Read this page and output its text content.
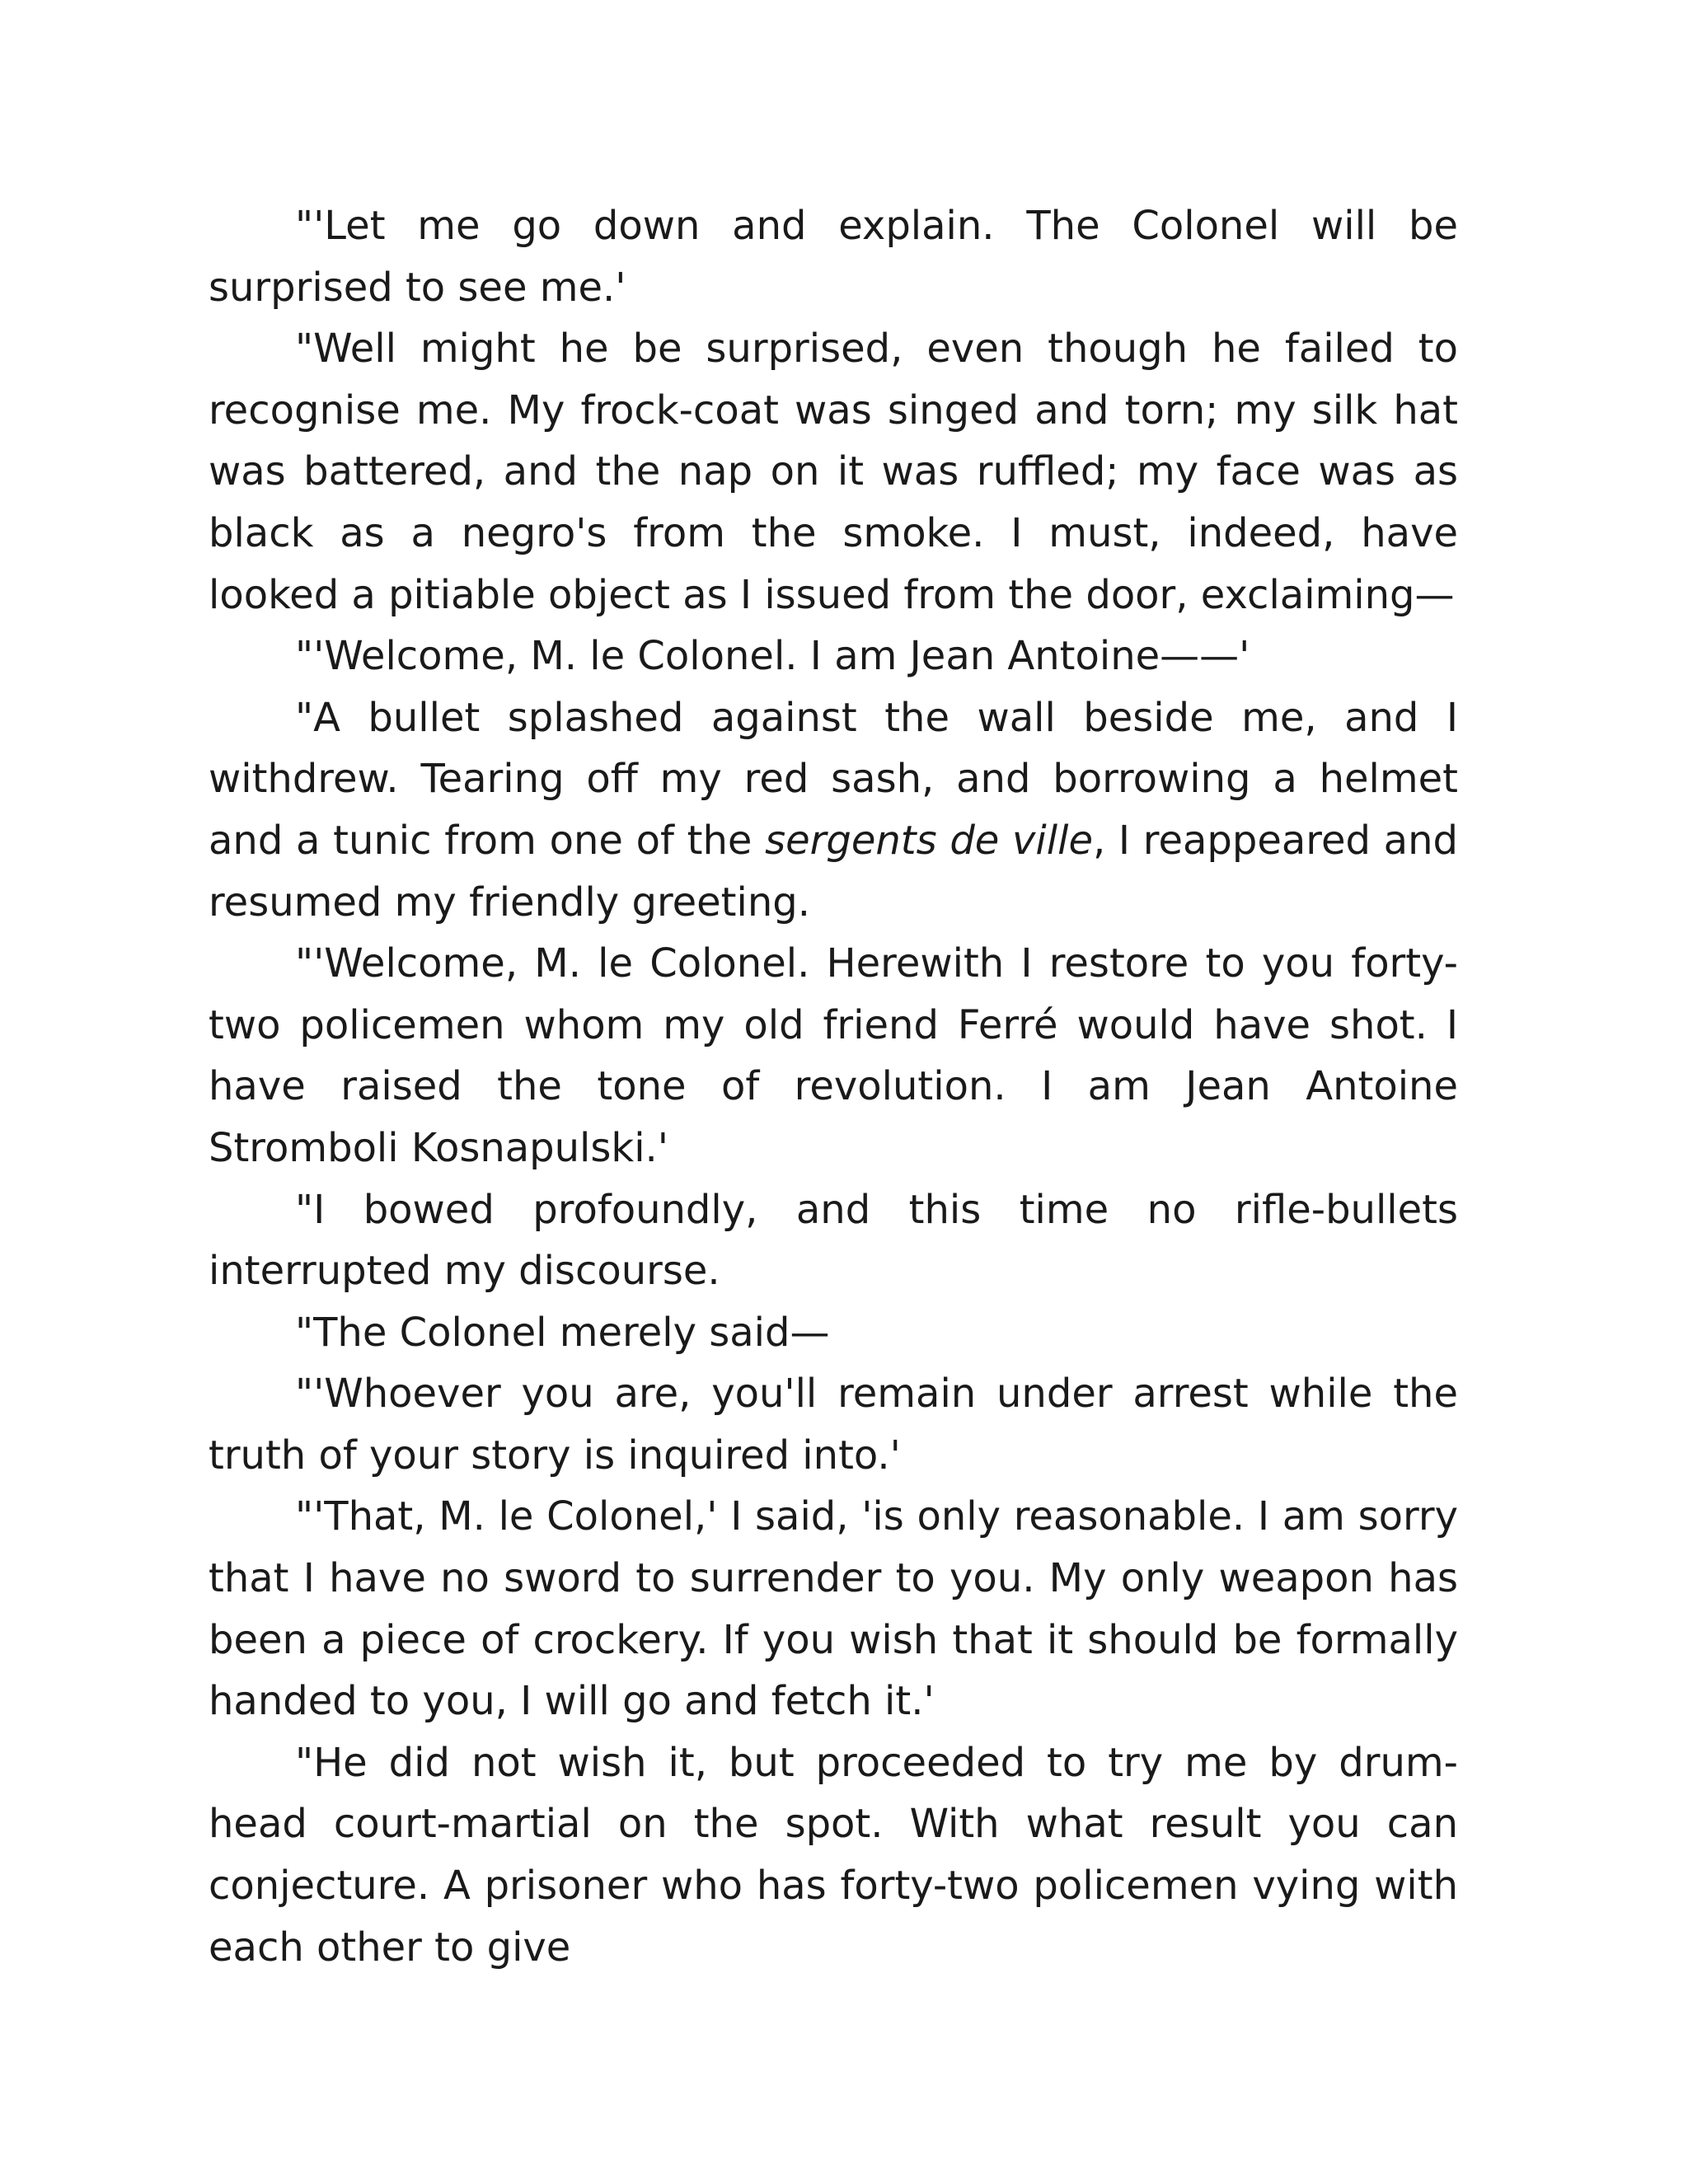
"'Let me go down and explain. The Colonel will be surprised to see me.'

"Well might he be surprised, even though he failed to recognise me. My frock-coat was singed and torn; my silk hat was battered, and the nap on it was ruffled; my face was as black as a negro's from the smoke. I must, indeed, have looked a pitiable object as I issued from the door, exclaiming—

"'Welcome, M. le Colonel. I am Jean Antoine——'

"A bullet splashed against the wall beside me, and I withdrew. Tearing off my red sash, and borrowing a helmet and a tunic from one of the sergents de ville, I reappeared and resumed my friendly greeting.

"'Welcome, M. le Colonel. Herewith I restore to you forty-two policemen whom my old friend Ferré would have shot. I have raised the tone of revolution. I am Jean Antoine Stromboli Kosnapulski.'

"I bowed profoundly, and this time no rifle-bullets interrupted my discourse.

"The Colonel merely said—

"'Whoever you are, you'll remain under arrest while the truth of your story is inquired into.'

"'That, M. le Colonel,' I said, 'is only reasonable. I am sorry that I have no sword to surrender to you. My only weapon has been a piece of crockery. If you wish that it should be formally handed to you, I will go and fetch it.'

"He did not wish it, but proceeded to try me by drum-head court-martial on the spot. With what result you can conjecture. A prisoner who has forty-two policemen vying with each other to give
